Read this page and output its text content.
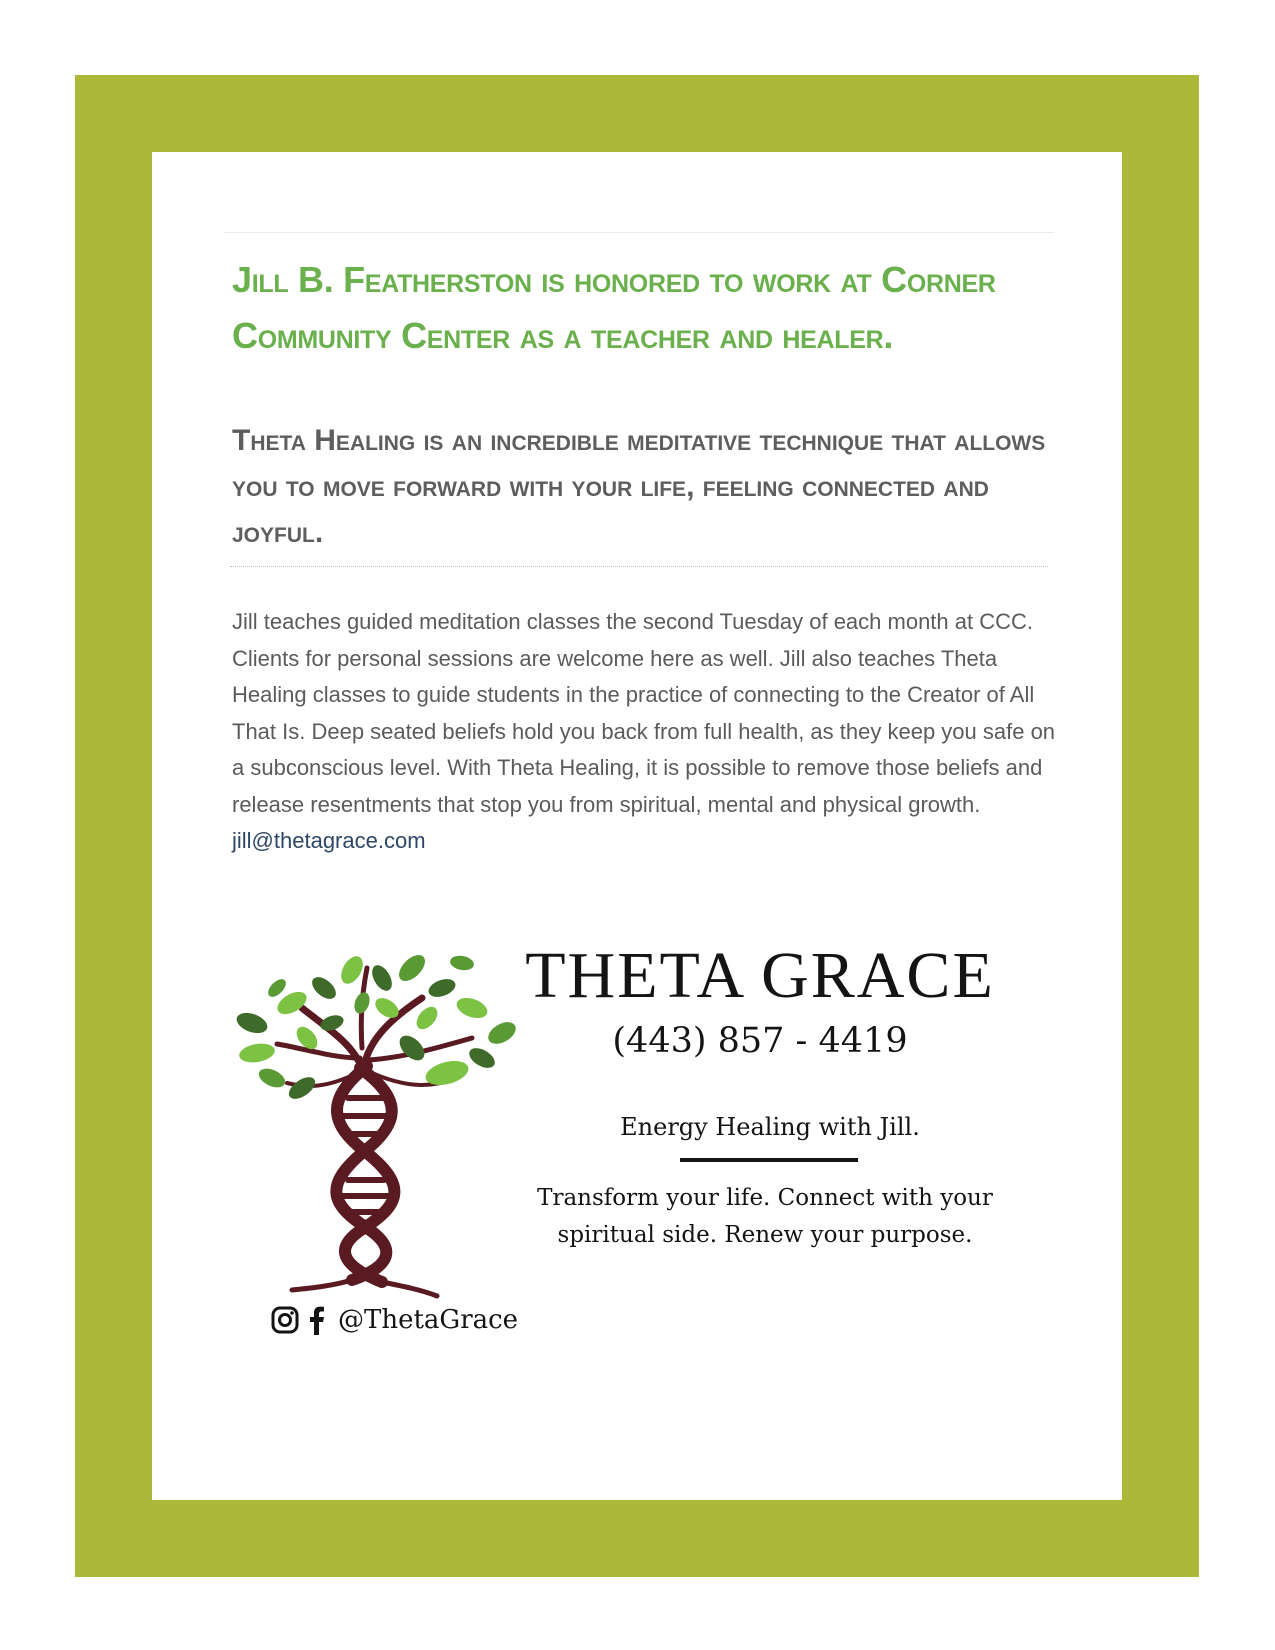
Jill B. Featherston is honored to work at Corner Community Center as a teacher and healer.
Theta Healing is an incredible meditative technique that allows you to move forward with your life, feeling connected and joyful.

Jill teaches guided meditation classes the second Tuesday of each month at CCC. Clients for personal sessions are welcome here as well. Jill also teaches Theta Healing classes to guide students in the practice of connecting to the Creator of All That Is. Deep seated beliefs hold you back from full health, as they keep you safe on a subconscious level. With Theta Healing, it is possible to remove those beliefs and release resentments that stop you from spiritual, mental and physical growth. jill@thetagrace.com

THETA GRACE
(443) 857 - 4419
Energy Healing with Jill.
Transform your life. Connect with your spiritual side. Renew your purpose.
@ThetaGrace
